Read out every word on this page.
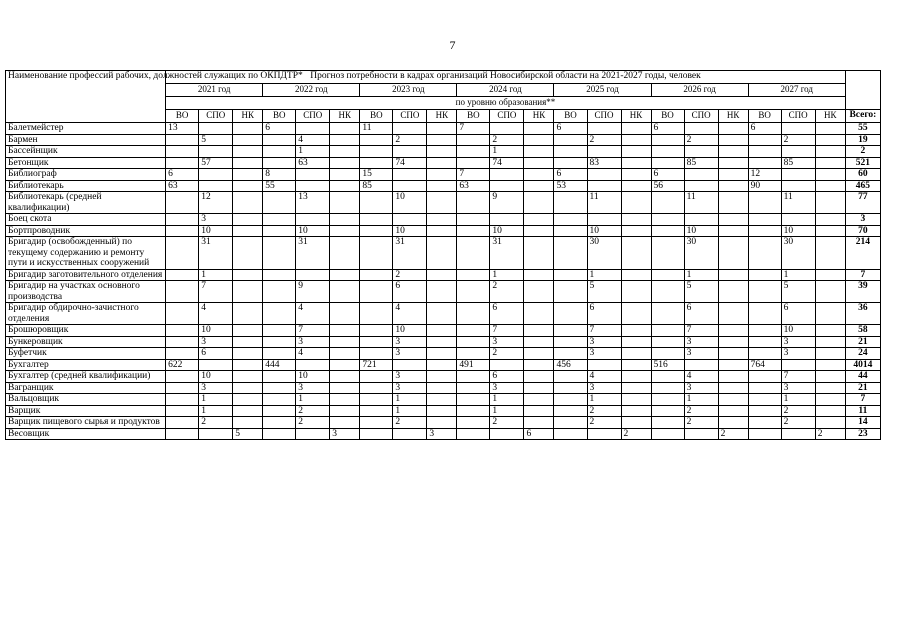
7
Наименование профессий рабочих, должностей служащих по ОКПДТР*	Прогноз потребности в кадрах организаций Новосибирской области на 2021-2027 годы, человек																					
	2021 год			2022 год			2023 год			2024 год			2025 год			2026 год			2027 год			
	по уровню образования**																					
	ВО	СПО	НК	ВО	СПО	НК	ВО	СПО	НК	ВО	СПО	НК	ВО	СПО	НК	ВО	СПО	НК	ВО	СПО	НК	Всего:
Балетмейстер	13			6			11			7			6			6			6			55
Бармен		5			4			2			2			2			2			2		19
Бассейнщик					1						1											2
Бетонщик		57			63			74			74			83			85			85		521
Библиограф	6			8			15			7			6			6			12			60
Библиотекарь	63			55			85			63			53			56			90			465
Библиотекарь (средней квалификации)		12			13			10			9			11			11			11		77
Боец скота		3																				3
Бортпроводник		10			10			10			10			10			10			10		70
Бригадир (освобожденный) по текущему содержанию и ремонту пути и искусственных сооружений		31			31			31			31			30			30			30		214
Бригадир заготовительного отделения		1						2			1			1			1			1		7
Бригадир на участках основного производства		7			9			6			2			5			5			5		39
Бригадир обдирочно-зачистного отделения		4			4			4			6			6			6			6		36
Брошюровщик		10			7			10			7			7			7			10		58
Бункеровщик		3			3			3			3			3			3			3		21
Буфетчик		6			4			3			2			3			3			3		24
Бухгалтер	622			444			721			491			456			516			764			4014
Бухгалтер (средней квалификации)		10			10			3			6			4			4			7		44
Вагранщик		3			3			3			3			3			3			3		21
Вальцовщик		1			1			1			1			1			1			1		7
Варщик		1			2			1			1			2			2			2		11
Варщик пищевого сырья и продуктов		2			2			2			2			2			2			2		14
Весовщик			5			3			3			6			2			2			2	23
